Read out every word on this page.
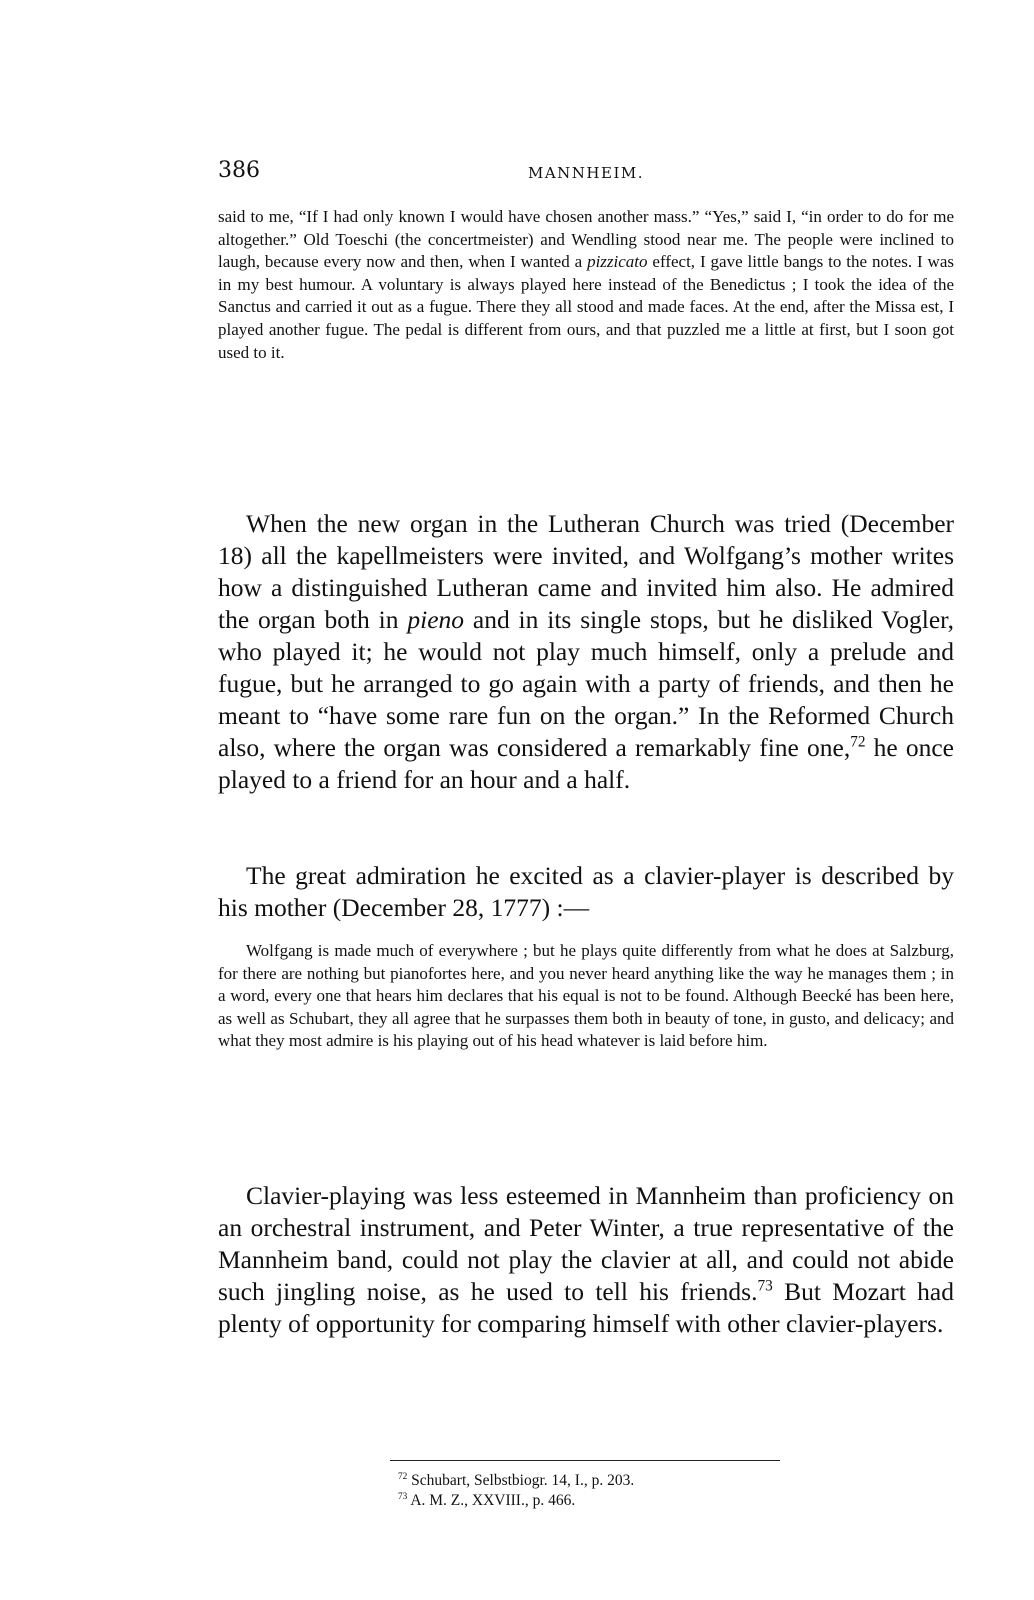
386	MANNHEIM.
said to me, “If I had only known I would have chosen another mass.” “Yes,” said I, “in order to do for me altogether.” Old Toeschi (the concertmeister) and Wendling stood near me. The people were inclined to laugh, because every now and then, when I wanted a pizzicato effect, I gave little bangs to the notes. I was in my best humour. A voluntary is always played here instead of the Benedictus ; I took the idea of the Sanctus and carried it out as a fugue. There they all stood and made faces. At the end, after the Missa est, I played another fugue. The pedal is different from ours, and that puzzled me a little at first, but I soon got used to it.
When the new organ in the Lutheran Church was tried (December 18) all the kapellmeisters were invited, and Wolfgang’s mother writes how a distinguished Lutheran came and invited him also. He admired the organ both in pieno and in its single stops, but he disliked Vogler, who played it; he would not play much himself, only a prelude and fugue, but he arranged to go again with a party of friends, and then he meant to “have some rare fun on the organ.” In the Reformed Church also, where the organ was considered a remarkably fine one,$^{72}$ he once played to a friend for an hour and a half.
The great admiration he excited as a clavier-player is described by his mother (December 28, 1777) :—
Wolfgang is made much of everywhere ; but he plays quite differently from what he does at Salzburg, for there are nothing but pianofortes here, and you never heard anything like the way he manages them ; in a word, every one that hears him declares that his equal is not to be found. Although Beecké has been here, as well as Schubart, they all agree that he surpasses them both in beauty of tone, in gusto, and delicacy; and what they most admire is his playing out of his head whatever is laid before him.
Clavier-playing was less esteemed in Mannheim than proficiency on an orchestral instrument, and Peter Winter, a true representative of the Mannheim band, could not play the clavier at all, and could not abide such jingling noise, as he used to tell his friends.$^{73}$ But Mozart had plenty of opportunity for comparing himself with other clavier-players.
$^{72}$ Schubart, Selbstbiogr. 14, I., p. 203.
$^{73}$ A. M. Z., XXVIII., p. 466.
